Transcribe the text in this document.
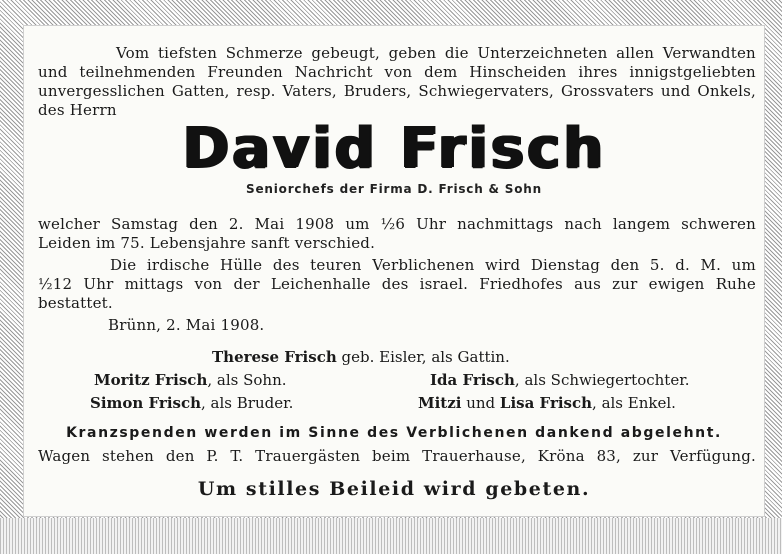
Vom tiefsten Schmerze gebeugt, geben die Unterzeichneten allen Verwandten
und teilnehmenden Freunden Nachricht von dem Hinscheiden ihres innigstgeliebten
unvergesslichen Gatten, resp. Vaters, Bruders, Schwiegervaters, Grossvaters und Onkels,
des Herrn
David Frisch
Seniorchefs der Firma D. Frisch & Sohn
welcher Samstag den 2. Mai 1908 um ½6 Uhr nachmittags nach langem schweren
Leiden im 75. Lebensjahre sanft verschied.
Die irdische Hülle des teuren Verblichenen wird Dienstag den 5. d. M. um
½12 Uhr mittags von der Leichenhalle des israel. Friedhofes aus zur ewigen Ruhe
bestattet.
Brünn, 2. Mai 1908.
Therese Frisch geb. Eisler, als Gattin.
Moritz Frisch, als Sohn.	Ida Frisch, als Schwiegertochter.
Simon Frisch, als Bruder.	Mitzi und Lisa Frisch, als Enkel.
Kranzspenden werden im Sinne des Verblichenen dankend abgelehnt.
Wagen stehen den P. T. Trauergästen beim Trauerhause, Kröna 83, zur Verfügung.
Um stilles Beileid wird gebeten.
